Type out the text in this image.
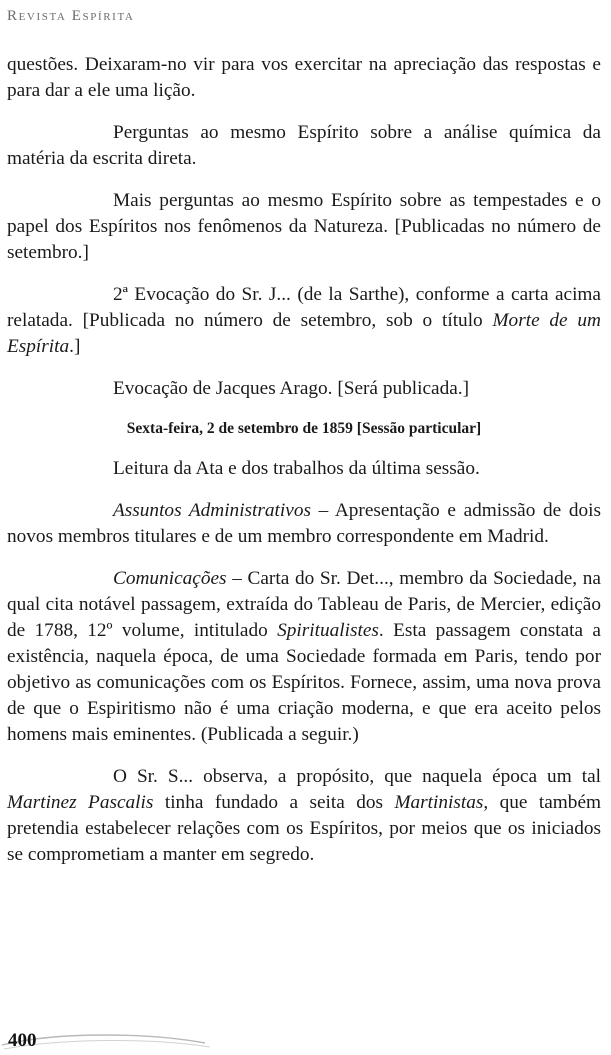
Revista Espírita

questões. Deixaram-no vir para vos exercitar na apreciação das respostas e para dar a ele uma lição.

Perguntas ao mesmo Espírito sobre a análise química da matéria da escrita direta.

Mais perguntas ao mesmo Espírito sobre as tempestades e o papel dos Espíritos nos fenômenos da Natureza. [Publicadas no número de setembro.]

2ª Evocação do Sr. J... (de la Sarthe), conforme a carta acima relatada. [Publicada no número de setembro, sob o título Morte de um Espírita.]

Evocação de Jacques Arago. [Será publicada.]

Sexta-feira, 2 de setembro de 1859 [Sessão particular]

Leitura da Ata e dos trabalhos da última sessão.

Assuntos Administrativos – Apresentação e admissão de dois novos membros titulares e de um membro correspondente em Madrid.

Comunicações – Carta do Sr. Det..., membro da Sociedade, na qual cita notável passagem, extraída do Tableau de Paris, de Mercier, edição de 1788, 12º volume, intitulado Spiritualistes. Esta passagem constata a existência, naquela época, de uma Sociedade formada em Paris, tendo por objetivo as comunicações com os Espíritos. Fornece, assim, uma nova prova de que o Espiritismo não é uma criação moderna, e que era aceito pelos homens mais eminentes. (Publicada a seguir.)

O Sr. S... observa, a propósito, que naquela época um tal Martinez Pascalis tinha fundado a seita dos Martinistas, que também pretendia estabelecer relações com os Espíritos, por meios que os iniciados se comprometiam a manter em segredo.

400
